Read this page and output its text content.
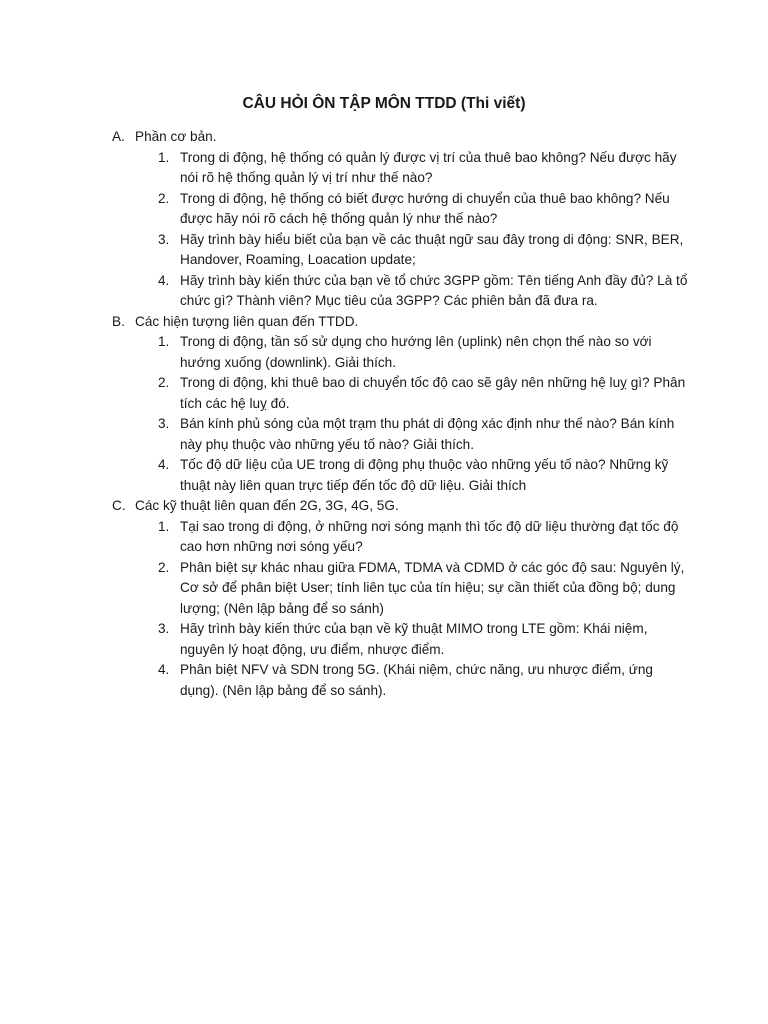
CÂU HỎI ÔN TẬP MÔN TTDD (Thi viết)
A. Phần cơ bản.
1. Trong di động, hệ thống có quản lý được vị trí của thuê bao không? Nếu được hãy nói rõ hệ thống quản lý vị trí như thế nào?
2. Trong di động, hệ thống có biết được hướng di chuyển của thuê bao không? Nếu được hãy nói rõ cách hệ thống quản lý như thế nào?
3. Hãy trình bày hiểu biết của bạn về các thuật ngữ sau đây trong di động: SNR, BER, Handover, Roaming, Loacation update;
4. Hãy trình bày kiến thức của bạn về tổ chức 3GPP gồm: Tên tiếng Anh đầy đủ? Là tổ chức gì? Thành viên? Mục tiêu của 3GPP? Các phiên bản đã đưa ra.
B. Các hiện tượng liên quan đến TTDD.
1. Trong di động, tần số sử dụng cho hướng lên (uplink) nên chọn thế nào so với hướng xuống (downlink). Giải thích.
2. Trong di động, khi thuê bao di chuyển tốc độ cao sẽ gây nên những hệ luỵ gì? Phân tích các hệ luỵ đó.
3. Bán kính phủ sóng của một trạm thu phát di động xác định như thế nào? Bán kính này phụ thuộc vào những yếu tố nào? Giải thích.
4. Tốc độ dữ liệu của UE trong di động phụ thuộc vào những yếu tố nào? Những kỹ thuật này liên quan trực tiếp đến tốc độ dữ liệu. Giải thích
C. Các kỹ thuật liên quan đến 2G, 3G, 4G, 5G.
1. Tại sao trong di động, ở những nơi sóng mạnh thì tốc độ dữ liệu thường đạt tốc độ cao hơn những nơi sóng yếu?
2. Phân biệt sự khác nhau giữa FDMA, TDMA và CDMD ở các góc độ sau: Nguyên lý, Cơ sở để phân biệt User; tính liên tục của tín hiệu; sự cần thiết của đồng bộ; dung lượng; (Nên lập bảng để so sánh)
3. Hãy trình bày kiến thức của bạn về kỹ thuật MIMO trong LTE gồm: Khái niệm, nguyên lý hoạt động, ưu điểm, nhược điểm.
4. Phân biệt NFV và SDN trong 5G. (Khái niệm, chức năng, ưu nhược điểm, ứng dụng). (Nên lập bảng để so sánh).
